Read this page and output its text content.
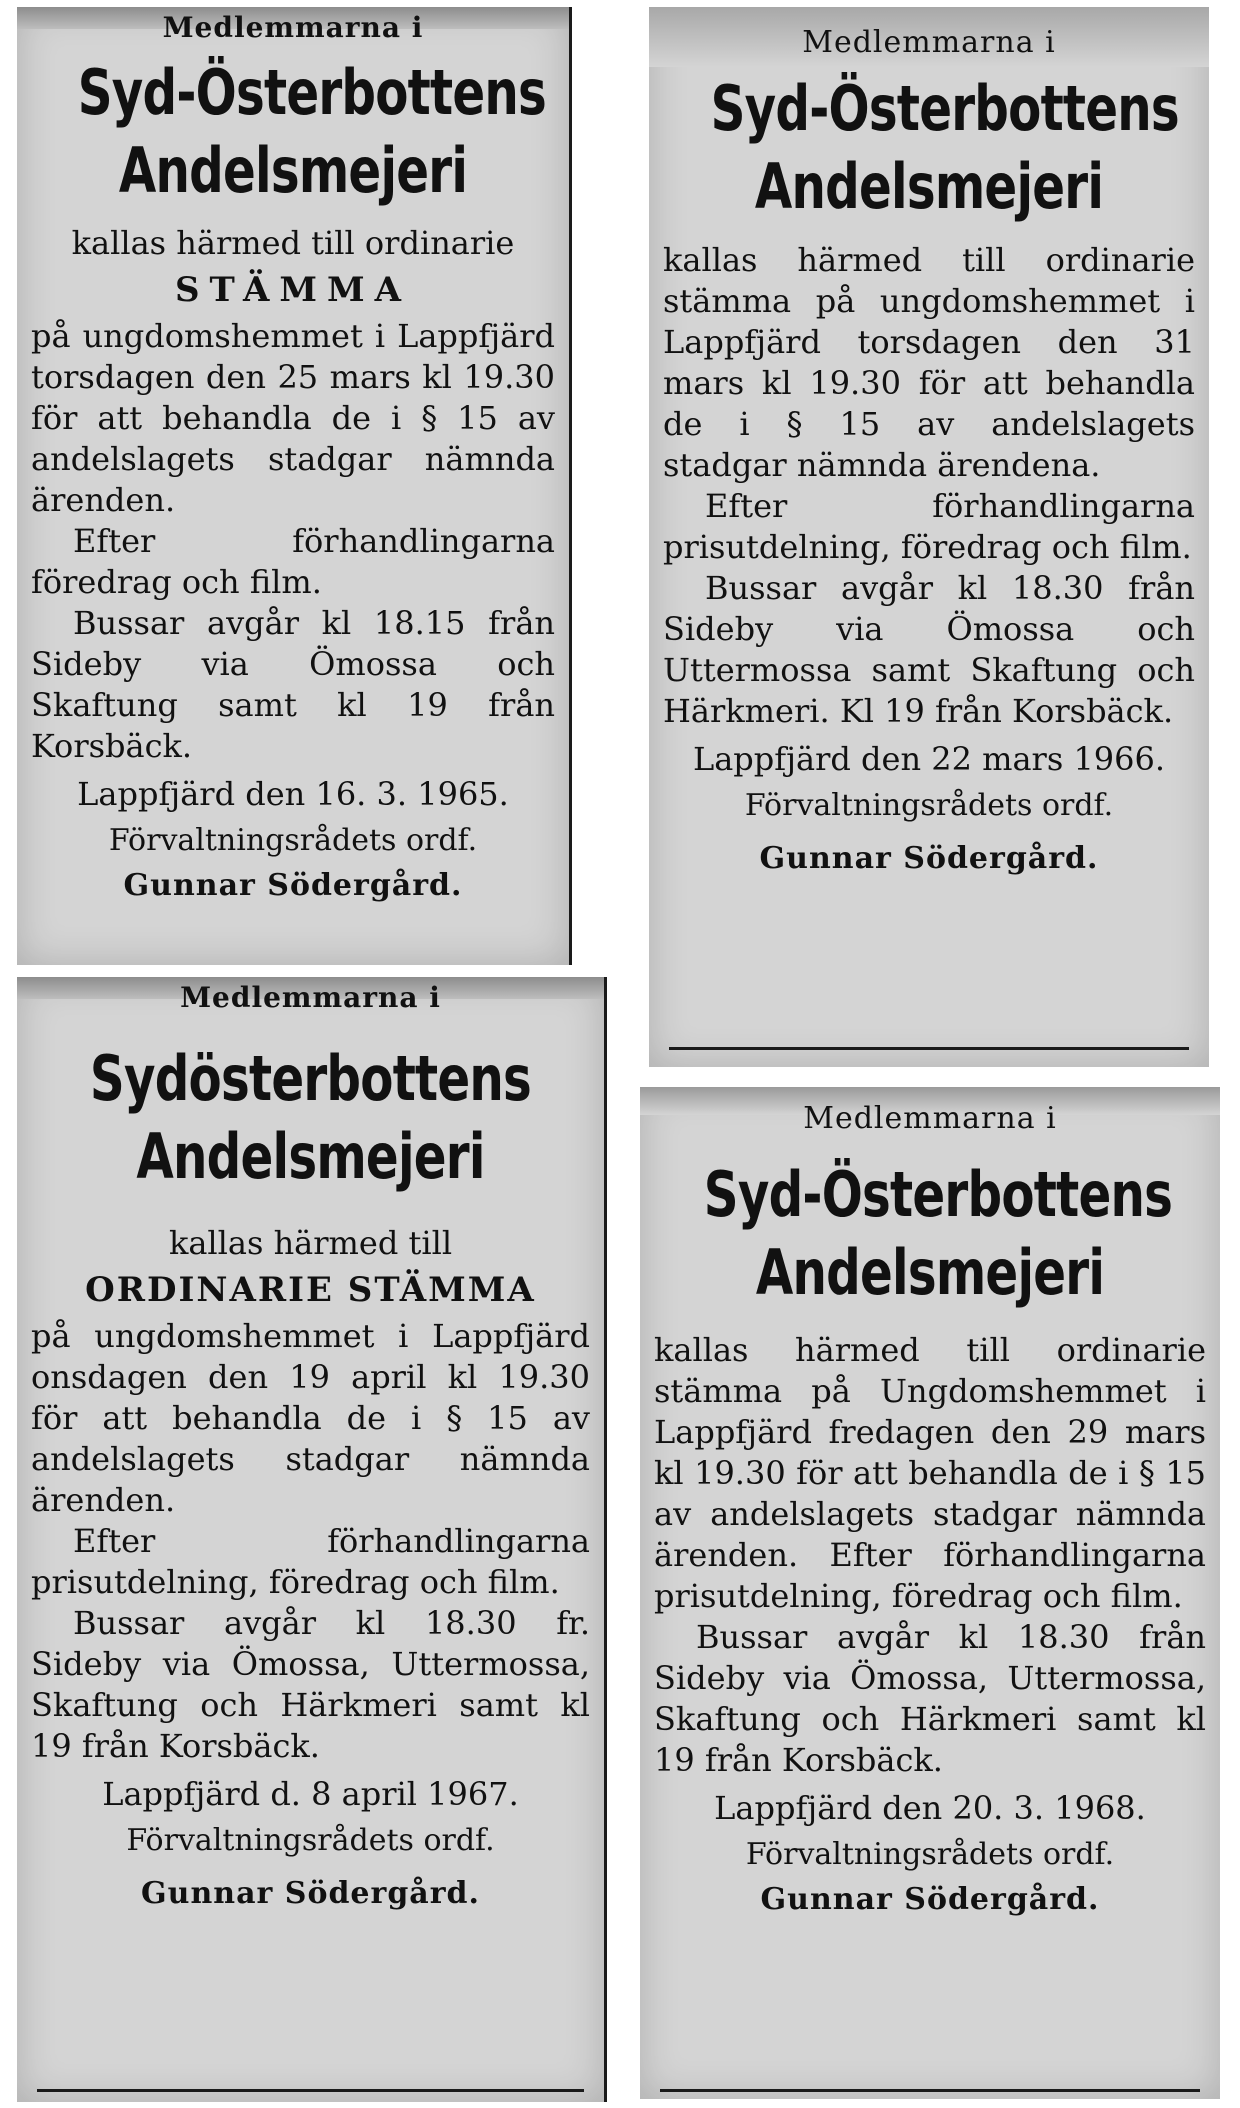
Medlemmarna i
Syd-Österbottens
Andelsmejeri
kallas härmed till ordinarie
STÄMMA

på ungdomshemmet i Lappfjärd torsdagen den 25 mars kl 19.30 för att behandla de i § 15 av andelslagets stadgar nämnda ärenden.

Efter förhandlingarna föredrag och film.

Bussar avgår kl 18.15 från Sideby via Ömossa och Skaftung samt kl 19 från Korsbäck.

Lappfjärd den 16. 3. 1965.
Förvaltningsrådets ordf.
Gunnar Södergård.
Medlemmarna i
Syd-Österbottens
Andelsmejeri

kallas härmed till ordinarie stämma på ungdomshemmet i Lappfjärd torsdagen den 31 mars kl 19.30 för att behandla de i § 15 av andelslagets stadgar nämnda ärendena.

Efter förhandlingarna prisutdelning, föredrag och film.

Bussar avgår kl 18.30 från Sideby via Ömossa och Uttermossa samt Skaftung och Härkmeri. Kl 19 från Korsbäck.

Lappfjärd den 22 mars 1966.
Förvaltningsrådets ordf.
Gunnar Södergård.
Medlemmarna i
Sydösterbottens
Andelsmejeri
kallas härmed till
ORDINARIE STÄMMA

på ungdomshemmet i Lappfjärd onsdagen den 19 april kl 19.30 för att behandla de i § 15 av andelslagets stadgar nämnda ärenden.

Efter förhandlingarna prisutdelning, föredrag och film.

Bussar avgår kl 18.30 fr. Sideby via Ömossa, Uttermossa, Skaftung och Härkmeri samt kl 19 från Korsbäck.

Lappfjärd d. 8 april 1967.
Förvaltningsrådets ordf.
Gunnar Södergård.
Medlemmarna i
Syd-Österbottens
Andelsmejeri

kallas härmed till ordinarie stämma på Ungdomshemmet i Lappfjärd fredagen den 29 mars kl 19.30 för att behandla de i § 15 av andelslagets stadgar nämnda ärenden. Efter förhandlingarna prisutdelning, föredrag och film.

Bussar avgår kl 18.30 från Sideby via Ömossa, Uttermossa, Skaftung och Härkmeri samt kl 19 från Korsbäck.

Lappfjärd den 20. 3. 1968.
Förvaltningsrådets ordf.
Gunnar Södergård.
